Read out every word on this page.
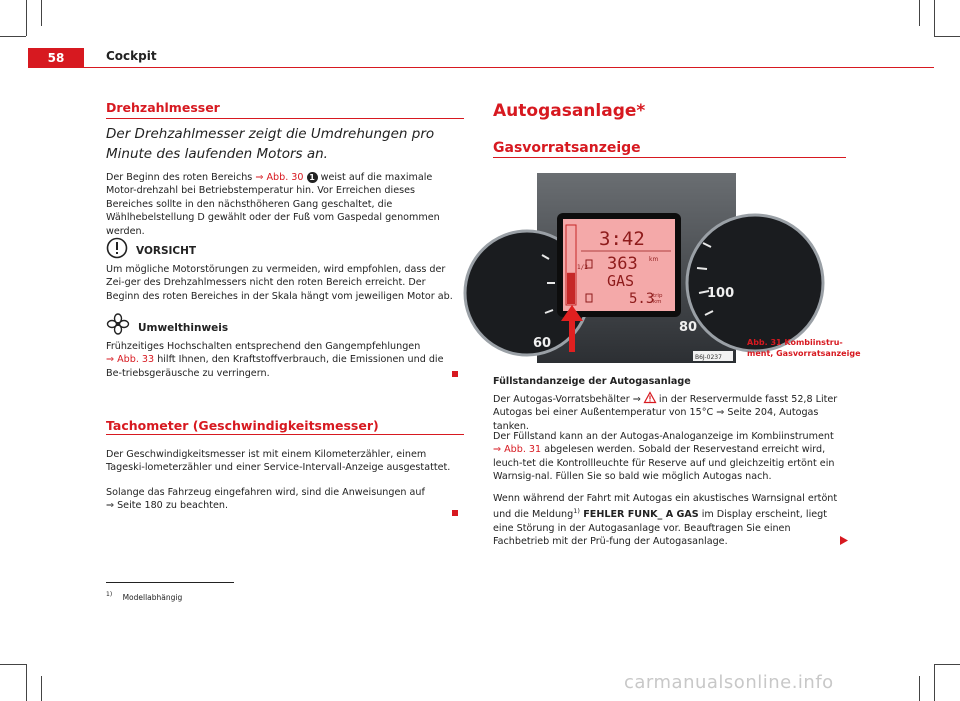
58	Cockpit
Drehzahlmesser
Der Drehzahlmesser zeigt die Umdrehungen pro Minute des laufenden Motors an.
Der Beginn des roten Bereichs ⇒ Abb. 30 1 weist auf die maximale Motor-drehzahl bei Betriebstemperatur hin. Vor Erreichen dieses Bereiches sollte in den nächsthöheren Gang geschaltet, die Wählhebelstellung D gewählt oder der Fuß vom Gaspedal genommen werden.
VORSICHT
Um mögliche Motorstörungen zu vermeiden, wird empfohlen, dass der Zei-ger des Drehzahlmessers nicht den roten Bereich erreicht. Der Beginn des roten Bereiches in der Skala hängt vom jeweiligen Motor ab.
Umwelthinweis
Frühzeitiges Hochschalten entsprechend den Gangempfehlungen
⇒ Abb. 33 hilft Ihnen, den Kraftstoffverbrauch, die Emissionen und die Be-triebsgeräusche zu verringern.
Tachometer (Geschwindigkeitsmesser)
Der Geschwindigkeitsmesser ist mit einem Kilometerzähler, einem Tageski-lometerzähler und einer Service-Intervall-Anzeige ausgestattet.
Solange das Fahrzeug eingefahren wird, sind die Anweisungen auf ⇒ Seite 180 zu beachten.
$^{1)}$ Modellabhängig
Autogasanlage*
Gasvorratsanzeige
100
80
60
1/2
3:42
363 km
GAS
5.3
trip
km
B6J-0237
Abb. 31 Kombiinstru-
ment, Gasvorratsanzeige
Füllstandanzeige der Autogasanlage
Der Autogas-Vorratsbehälter ⇒  in der Reservermulde fasst 52,8 Liter Autogas bei einer Außentemperatur von 15°C ⇒ Seite 204, Autogas tanken.
Der Füllstand kann an der Autogas-Analoganzeige im Kombiinstrument
⇒ Abb. 31 abgelesen werden. Sobald der Reservestand erreicht wird, leuch-tet die Kontrollleuchte für Reserve auf und gleichzeitig ertönt ein Warnsig-nal. Füllen Sie so bald wie möglich Autogas nach.
Wenn während der Fahrt mit Autogas ein akustisches Warnsignal ertönt und die Meldung$^{1)}$ FEHLER FUNK_ A GAS im Display erscheint, liegt eine Störung in der Autogasanlage vor. Beauftragen Sie einen Fachbetrieb mit der Prü-fung der Autogasanlage.
carmanualsonline.info
